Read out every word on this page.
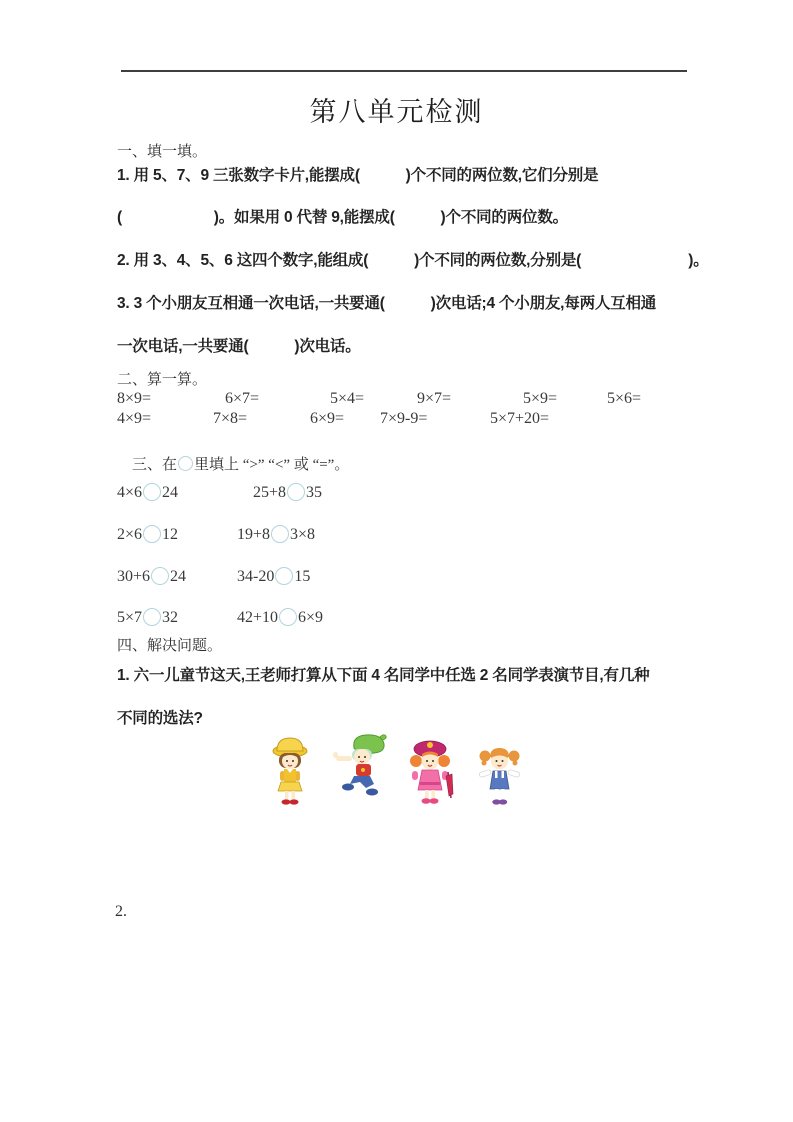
第八单元检测
一、填一填。
1. 用 5、7、9 三张数字卡片,能摆成(　　　)个不同的两位数,它们分别是
(　　　　　　)。如果用 0 代替 9,能摆成(　　　)个不同的两位数。
2. 用 3、4、5、6 这四个数字,能组成(　　　)个不同的两位数,分别是(　　　　　　　)。
3. 3 个小朋友互相通一次电话,一共要通(　　　)次电话;4 个小朋友,每两人互相通
一次电话,一共要通(　　　)次电话。
二、算一算。
8×9=	6×7=	5×4=	9×7=	5×9=	5×6=
4×9=	7×8=	6×9= 7×9-9=	5×7+20=

三、在 里填上 “>” “<” 或 “=”。

4×6 24	25+8 35
2×6 12	19+8 3×8
30+6 24	34-20 15
5×7 32	42+10 6×9
四、解决问题。
1. 六一儿童节这天,王老师打算从下面 4 名同学中任选 2 名同学表演节目,有几种
不同的选法?
2.
